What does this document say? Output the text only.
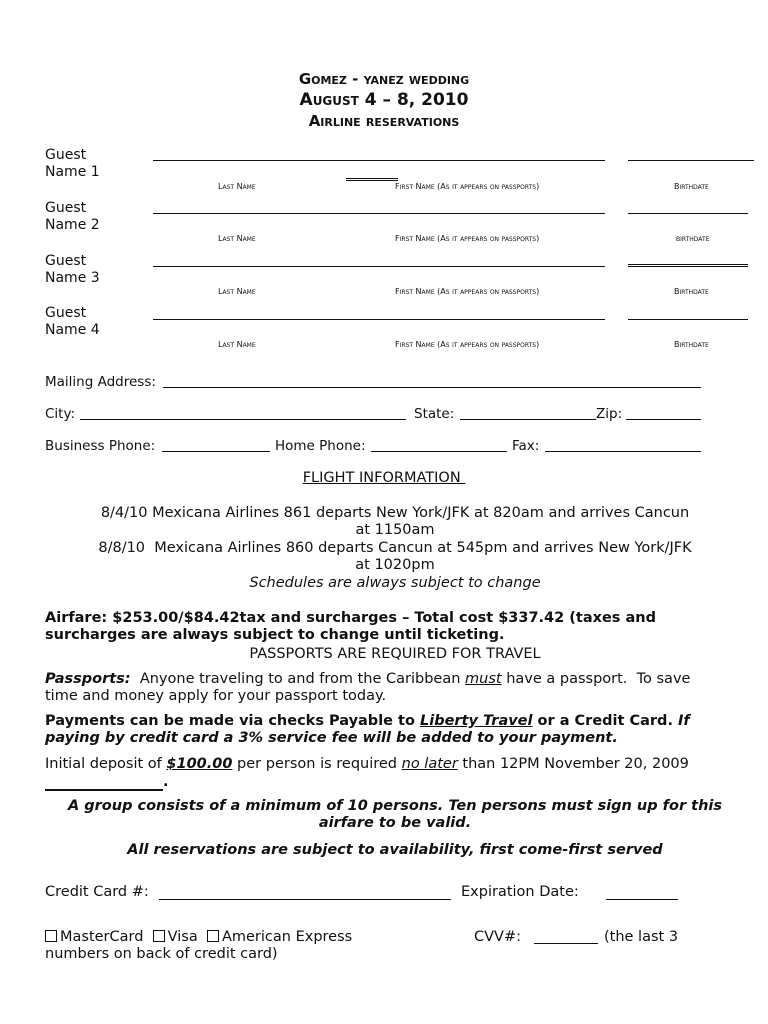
Gomez - yanez wedding
August 4 – 8, 2010
Airline reservations
Guest
Name 1
Last Name	First Name (As it appears on passports)	Birthdate
Guest
Name 2
Last Name	First Name (As it appears on passports)	birthdate
Guest
Name 3
Last Name	First Name (As it appears on passports)	Birthdate
Guest
Name 4
Last Name	First Name (As it appears on passports)	Birthdate
Mailing Address:
City:	State:	Zip:
Business Phone:	Home Phone:	Fax:
FLIGHT INFORMATION
8/4/10 Mexicana Airlines 861 departs New York/JFK at 820am and arrives Cancun
at 1150am
8/8/10  Mexicana Airlines 860 departs Cancun at 545pm and arrives New York/JFK
at 1020pm
Schedules are always subject to change
Airfare: $253.00/$84.42tax and surcharges – Total cost $337.42 (taxes and
surcharges are always subject to change until ticketing.
PASSPORTS ARE REQUIRED FOR TRAVEL
Passports:  Anyone traveling to and from the Caribbean must have a passport.  To save
time and money apply for your passport today.
Payments can be made via checks Payable to Liberty Travel or a Credit Card. If
paying by credit card a 3% service fee will be added to your payment.
Initial deposit of $100.00 per person is required no later than 12PM November 20, 2009
.
A group consists of a minimum of 10 persons. Ten persons must sign up for this
airfare to be valid.
All reservations are subject to availability, first come-first served
Credit Card #:	Expiration Date:
MasterCard Visa American Express	CVV#:	(the last 3
numbers on back of credit card)
